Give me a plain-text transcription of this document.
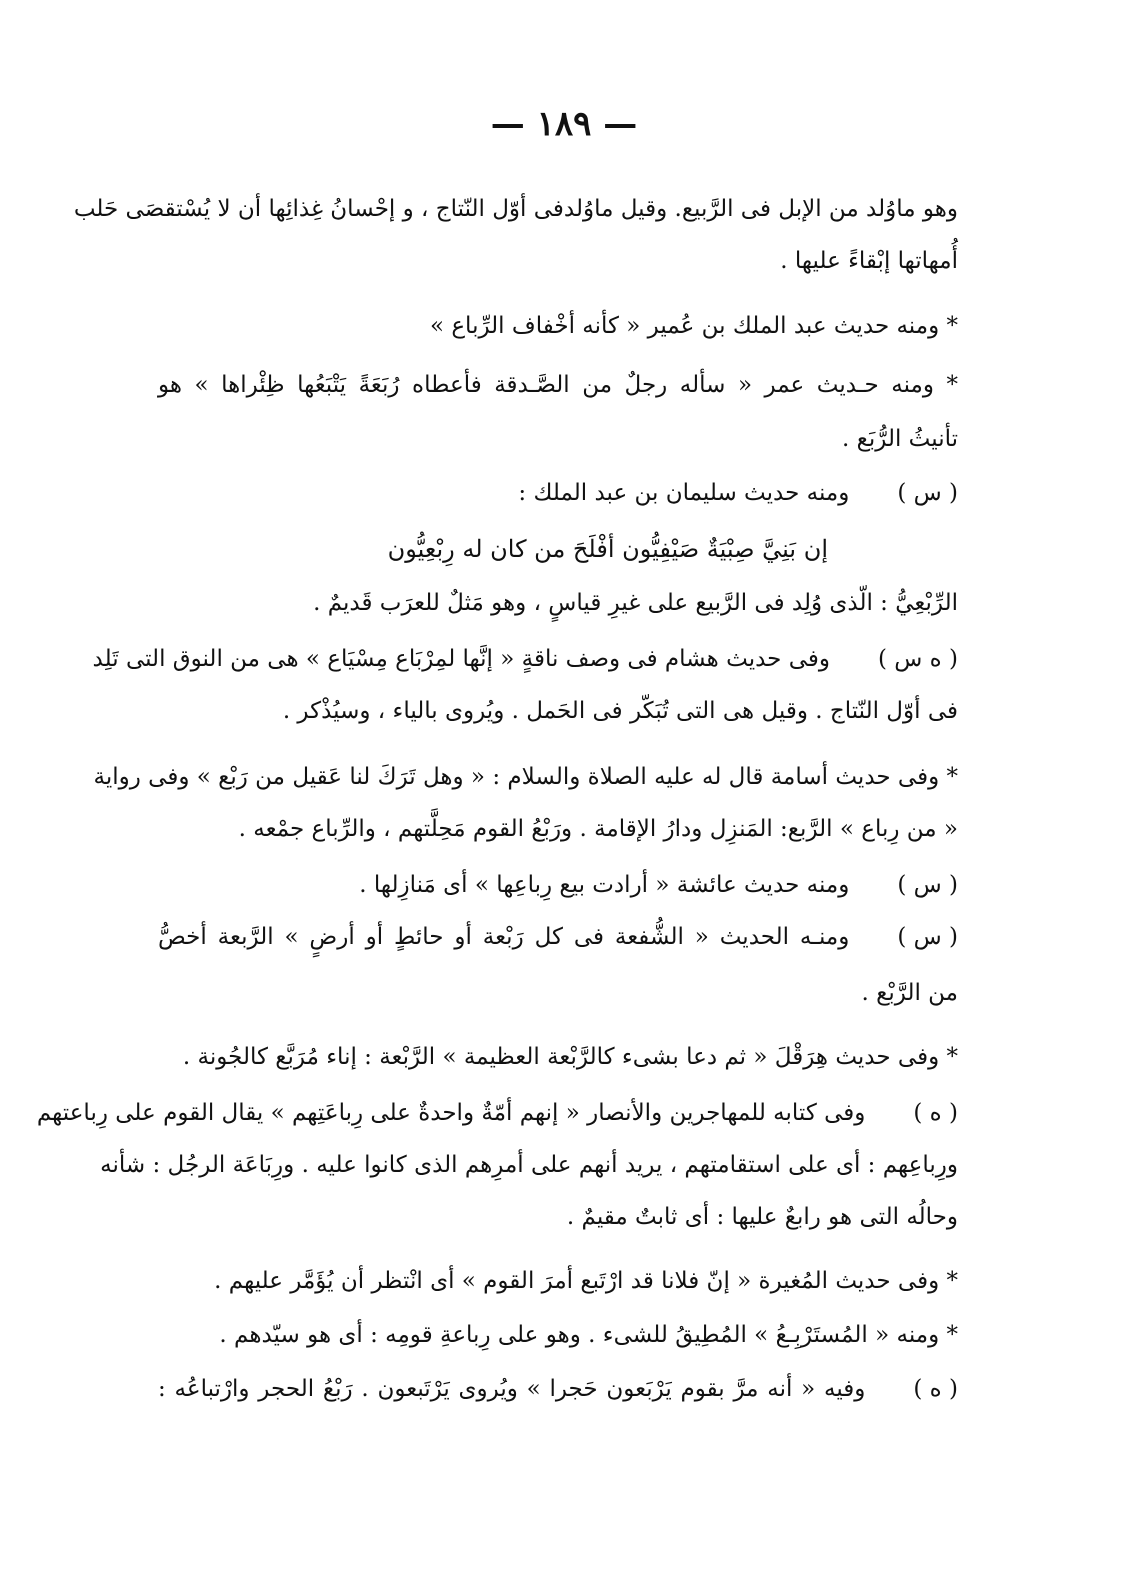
— ١٨٩ —
وهو ماوُلد من الإبل فى الرَّبيع. وقيل ماوُلدفى أوّل النّتاج ، و إحْسانُ غِذائِها أن لا يُسْتقصَى حَلب
أُمهاتها إبْقاءً عليها .
* ومنه حديث عبد الملك بن عُمير « كأنه أخْفاف الرِّباع »
* ومنه حـديث عمر « سأله رجلٌ من الصَّـدقة فأعطاه رُبَعَةً يَتْبَعُها ظِئْراها » هو
تأنيثُ الرُّبَع .
( س )ومنه حديث سليمان بن عبد الملك :
إن بَنِيَّ صِبْيَةٌ صَيْفِيُّون أفْلَحَ من كان له رِبْعِيُّون
الرِّبْعِيُّ : الّذى وُلِد فى الرَّبيع على غيرِ قياسٍ ، وهو مَثلٌ للعرَب قَديمٌ .
( ه س )وفى حديث هشام فى وصف ناقةٍ « إنَّها لمِرْبَاع مِسْيَاع » هى من النوق التى تَلِد
فى أوّل النّتاج . وقيل هى التى تُبَكّر فى الحَمل . ويُروى بالياء ، وسيُذْكر .
* وفى حديث أسامة قال له عليه الصلاة والسلام : « وهل تَرَكَ لنا عَقيل من رَبْع » وفى رواية
« من رِباع » الرَّبع: المَنزِل ودارُ الإقامة . ورَبْعُ القوم مَحِلَّتهم ، والرِّباع جمْعه .
( س )ومنه حديث عائشة « أرادت بيع رِباعِها » أى مَنازِلها .
( س )ومنـه الحديث « الشُّفعة فى كل رَبْعة أو حائطٍ أو أرضٍ » الرَّبعة أخصُّ
من الرَّبْع .
* وفى حديث هِرَقْلَ « ثم دعا بشىء كالرَّبْعة العظيمة » الرَّبْعة : إناء مُرَبَّع كالجُونة .
( ه )وفى كتابه للمهاجرين والأنصار « إنهم أمّةٌ واحدةٌ على رِباعَتِهم » يقال القوم على رِباعتهم
ورِباعِهم : أى على استقامتهم ، يريد أنهم على أمرِهم الذى كانوا عليه . ورِبَاعَة الرجُل : شأنه
وحالُه التى هو رابعٌ عليها : أى ثابتٌ مقيمٌ .
* وفى حديث المُغيرة « إنّ فلانا قد ارْتَبع أمرَ القوم » أى انْتظر أن يُؤَمَّر عليهم .
* ومنه « المُستَرْبِـعُ » المُطِيقُ للشىء . وهو على رِباعةِ قومِه : أى هو سيّدهم .
( ه )وفيه « أنه مرَّ بقوم يَرْبَعون حَجرا » ويُروى يَرْتَبعون . رَبْعُ الحجر وارْتباعُه :
